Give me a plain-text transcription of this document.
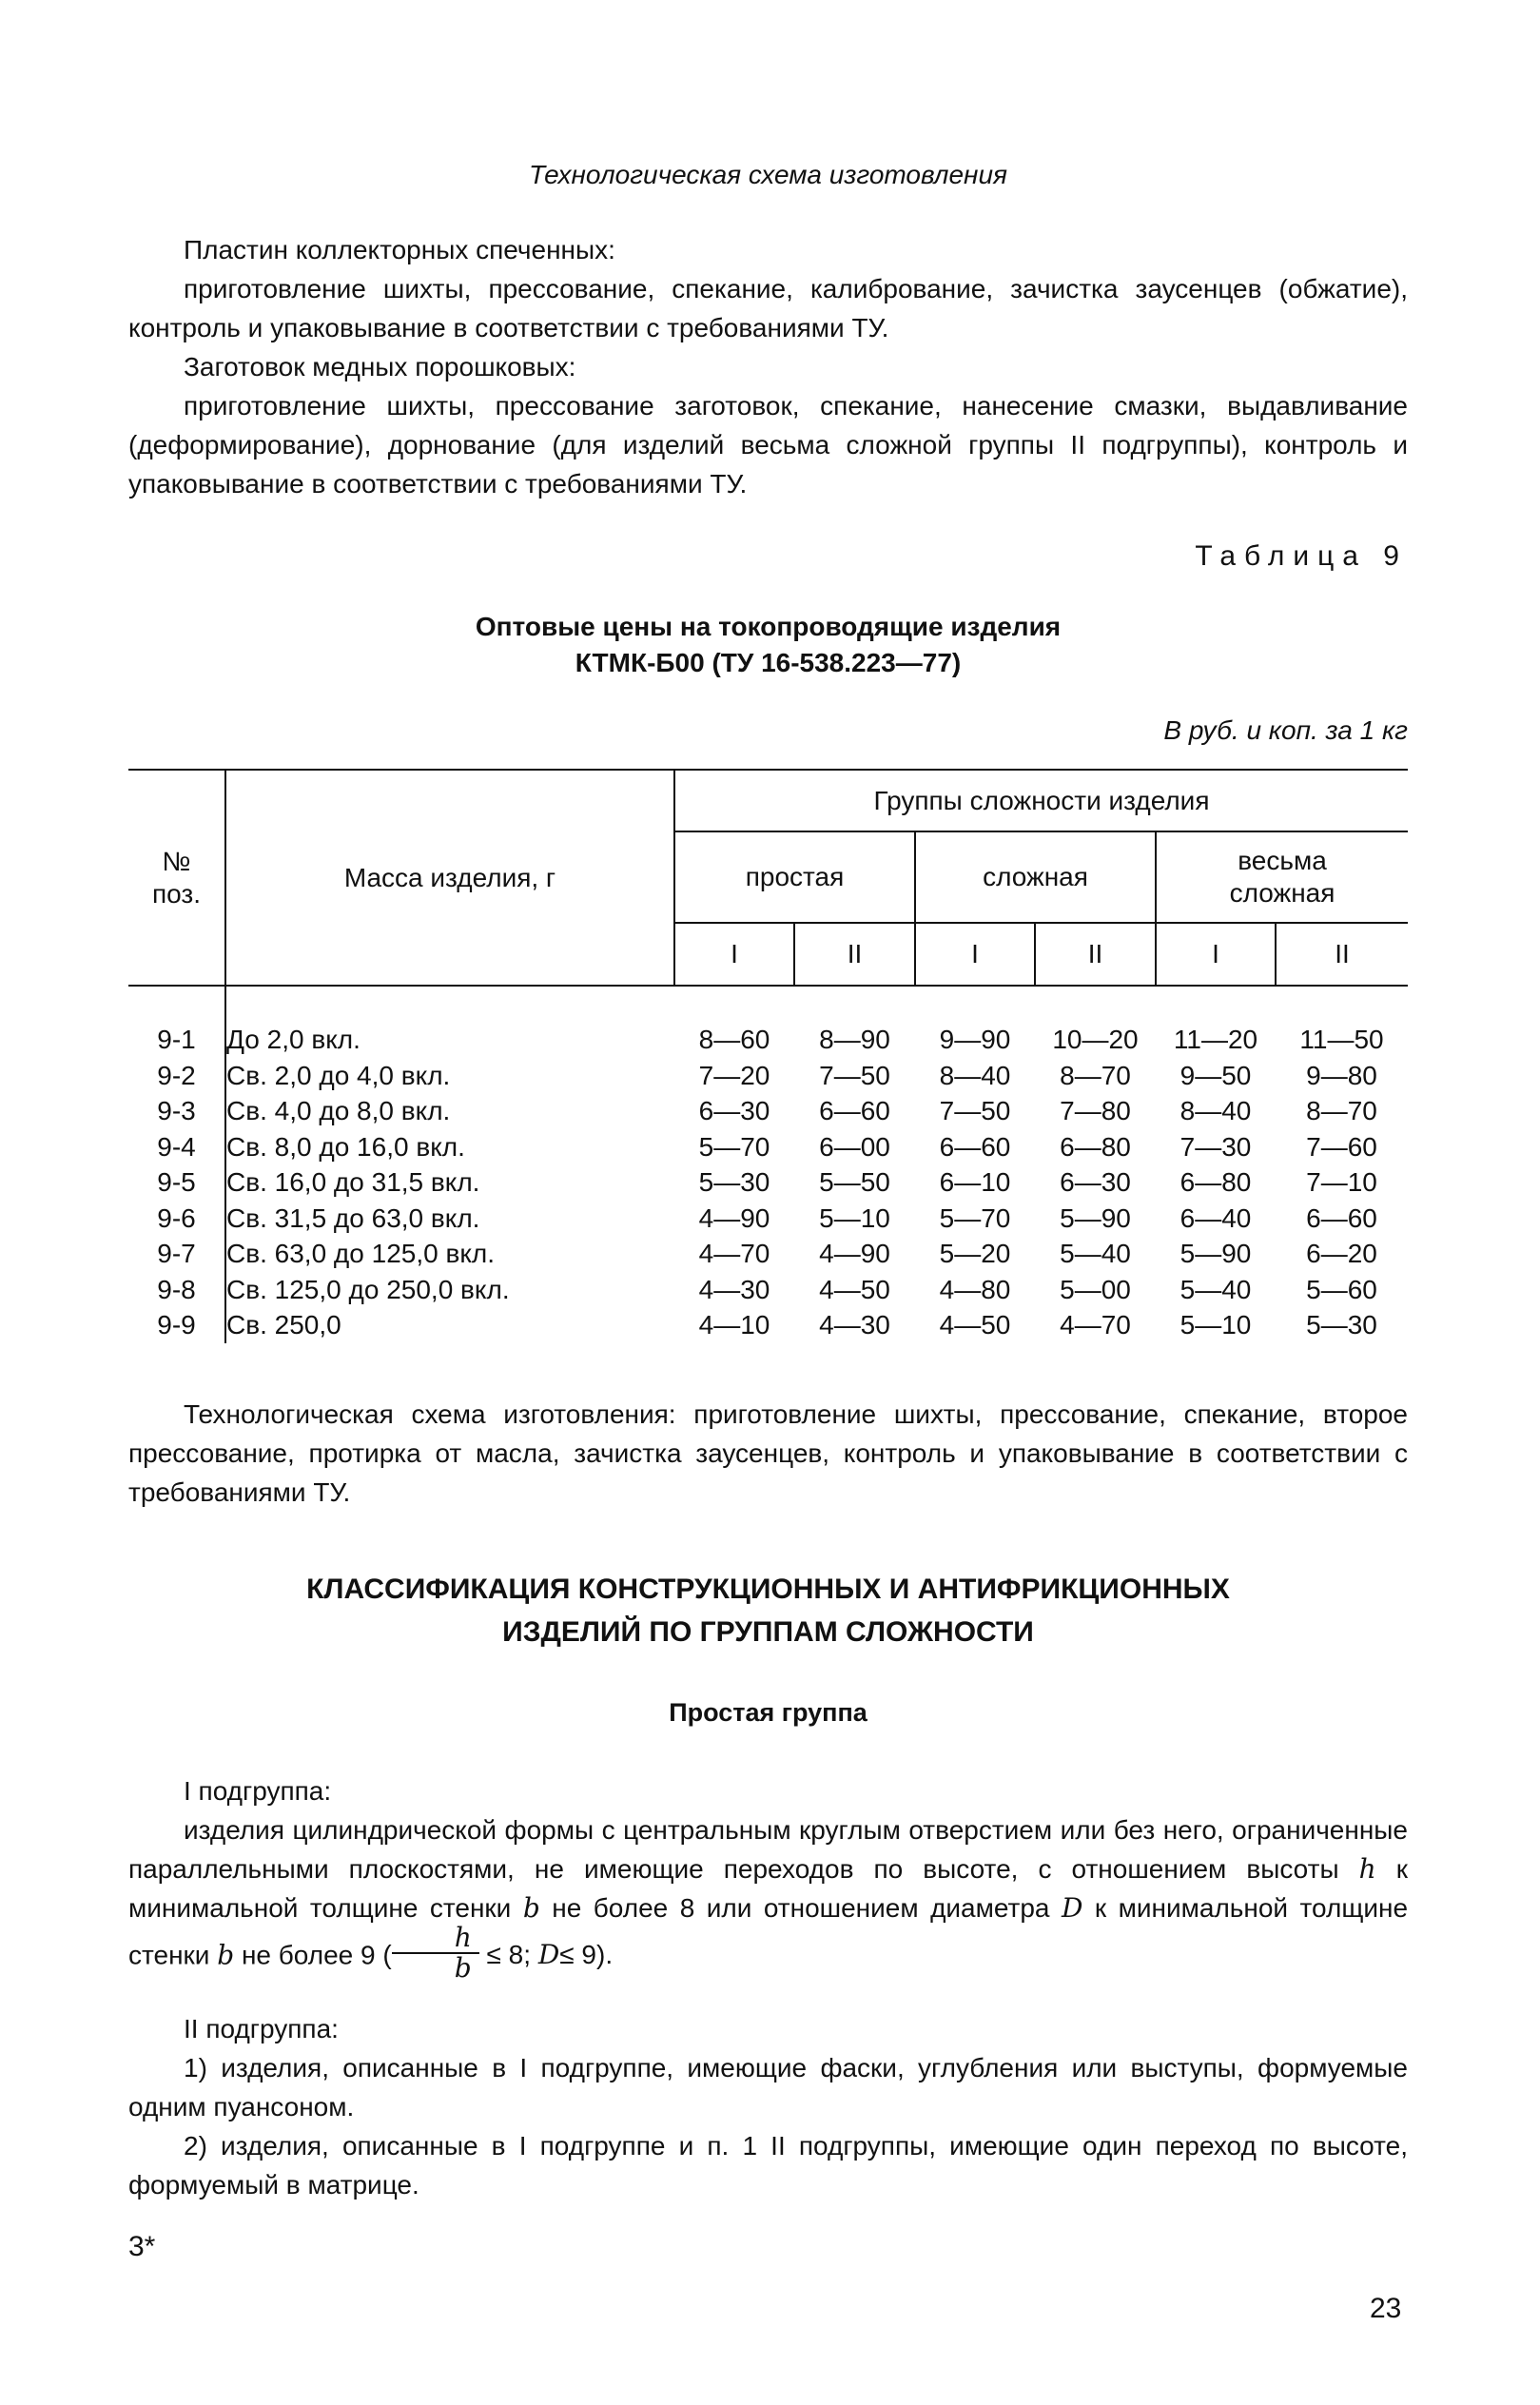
Технологическая схема изготовления
Пластин коллекторных спеченных:
приготовление шихты, прессование, спекание, калибрование, зачистка заусенцев (обжатие), контроль и упаковывание в соответствии с требованиями ТУ.
Заготовок медных порошковых:
приготовление шихты, прессование заготовок, спекание, нанесение смазки, выдавливание (деформирование), дорнование (для изделий весьма сложной группы II подгруппы), контроль и упаковывание в соответствии с требованиями ТУ.
Таблица 9
Оптовые цены на токопроводящие изделия
КТМК-Б00 (ТУ 16-538.223—77)
В руб. и коп. за 1 кг
№ поз.	Масса изделия, г	Группы сложности изделия					
		простая		сложная		весьма сложная	

		I	II	I	II	I	II

9-1	До 2,0 вкл.	8—60	8—90	9—90	10—20	11—20	11—50
9-2	Св. 2,0 до 4,0 вкл.	7—20	7—50	8—40	8—70	9—50	9—80
9-3	Св. 4,0 до 8,0 вкл.	6—30	6—60	7—50	7—80	8—40	8—70
9-4	Св. 8,0 до 16,0 вкл.	5—70	6—00	6—60	6—80	7—30	7—60
9-5	Св. 16,0 до 31,5 вкл.	5—30	5—50	6—10	6—30	6—80	7—10
9-6	Св. 31,5 до 63,0 вкл.	4—90	5—10	5—70	5—90	6—40	6—60
9-7	Св. 63,0 до 125,0 вкл.	4—70	4—90	5—20	5—40	5—90	6—20
9-8	Св. 125,0 до 250,0 вкл.	4—30	4—50	4—80	5—00	5—40	5—60
9-9	Св. 250,0	4—10	4—30	4—50	4—70	5—10	5—30
Технологическая схема изготовления: приготовление шихты, прессование, спекание, второе прессование, протирка от масла, зачистка заусенцев, контроль и упаковывание в соответствии с требованиями ТУ.
КЛАССИФИКАЦИЯ КОНСТРУКЦИОННЫХ И АНТИФРИКЦИОННЫХ
ИЗДЕЛИЙ ПО ГРУППАМ СЛОЖНОСТИ
Простая группа
I подгруппа:
изделия цилиндрической формы с центральным круглым отверстием или без него, ограниченные параллельными плоскостями, не имеющие переходов по высоте, с отношением высоты h к минимальной толщине стенки b не более 8 или отношением диаметра D к минимальной толщине стенки b не более 9 ( $\frac{h}{b} \le 8$; D≤ 9).
II подгруппа:
1) изделия, описанные в I подгруппе, имеющие фаски, углубления или выступы, формуемые одним пуансоном.
2) изделия, описанные в I подгруппе и п. 1 II подгруппы, имеющие один переход по высоте, формуемый в матрице.
3*
23
